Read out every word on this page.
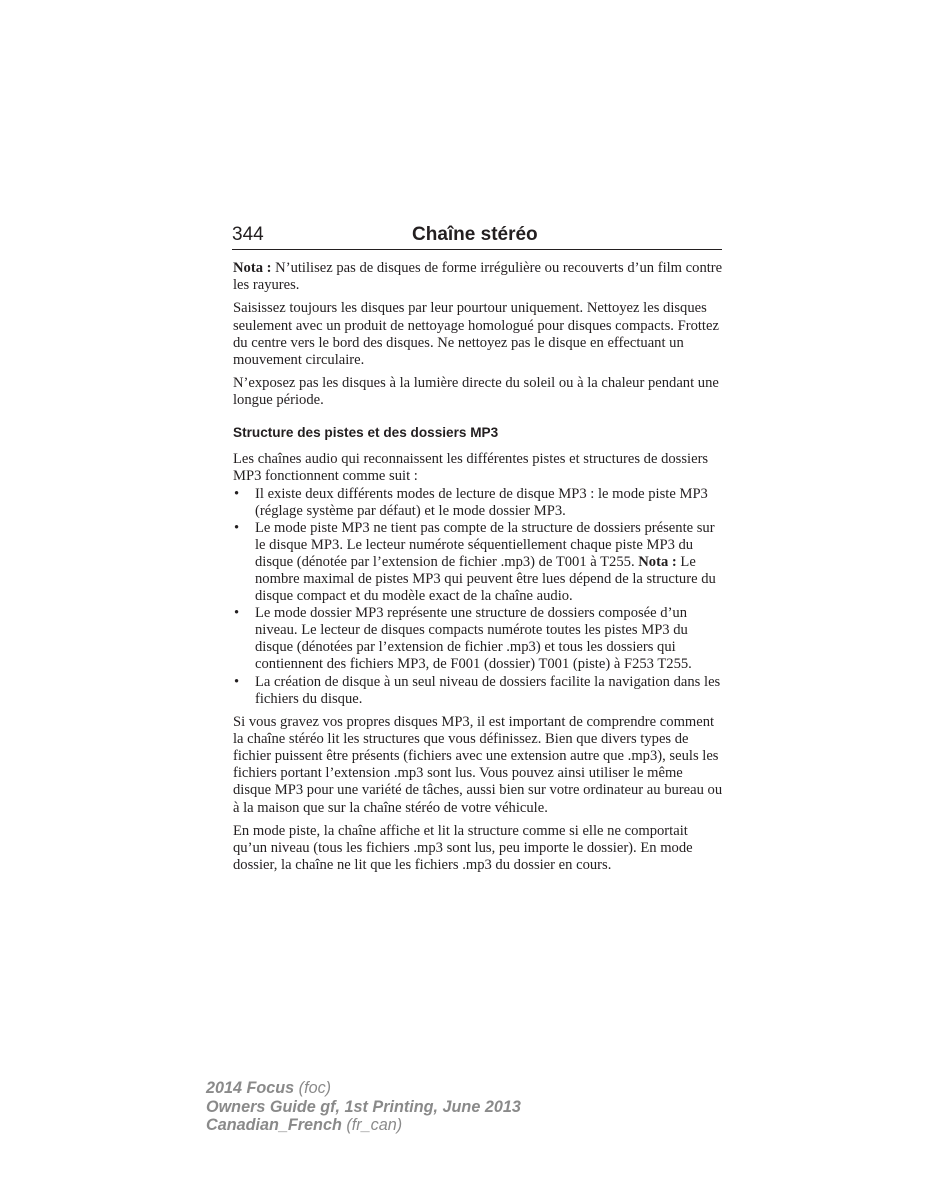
344	Chaîne stéréo

Nota : N’utilisez pas de disques de forme irrégulière ou recouverts d’un film contre les rayures.

Saisissez toujours les disques par leur pourtour uniquement. Nettoyez les disques seulement avec un produit de nettoyage homologué pour disques compacts. Frottez du centre vers le bord des disques. Ne nettoyez pas le disque en effectuant un mouvement circulaire.

N’exposez pas les disques à la lumière directe du soleil ou à la chaleur pendant une longue période.

Structure des pistes et des dossiers MP3

Les chaînes audio qui reconnaissent les différentes pistes et structures de dossiers MP3 fonctionnent comme suit :

• Il existe deux différents modes de lecture de disque MP3 : le mode piste MP3 (réglage système par défaut) et le mode dossier MP3.
• Le mode piste MP3 ne tient pas compte de la structure de dossiers présente sur le disque MP3. Le lecteur numérote séquentiellement chaque piste MP3 du disque (dénotée par l’extension de fichier .mp3) de T001 à T255. Nota : Le nombre maximal de pistes MP3 qui peuvent être lues dépend de la structure du disque compact et du modèle exact de la chaîne audio.
• Le mode dossier MP3 représente une structure de dossiers composée d’un niveau. Le lecteur de disques compacts numérote toutes les pistes MP3 du disque (dénotées par l’extension de fichier .mp3) et tous les dossiers qui contiennent des fichiers MP3, de F001 (dossier) T001 (piste) à F253 T255.
• La création de disque à un seul niveau de dossiers facilite la navigation dans les fichiers du disque.

Si vous gravez vos propres disques MP3, il est important de comprendre comment la chaîne stéréo lit les structures que vous définissez. Bien que divers types de fichier puissent être présents (fichiers avec une extension autre que .mp3), seuls les fichiers portant l’extension .mp3 sont lus. Vous pouvez ainsi utiliser le même disque MP3 pour une variété de tâches, aussi bien sur votre ordinateur au bureau ou à la maison que sur la chaîne stéréo de votre véhicule.

En mode piste, la chaîne affiche et lit la structure comme si elle ne comportait qu’un niveau (tous les fichiers .mp3 sont lus, peu importe le dossier). En mode dossier, la chaîne ne lit que les fichiers .mp3 du dossier en cours.

2014 Focus (foc)
Owners Guide gf, 1st Printing, June 2013
Canadian_French (fr_can)
